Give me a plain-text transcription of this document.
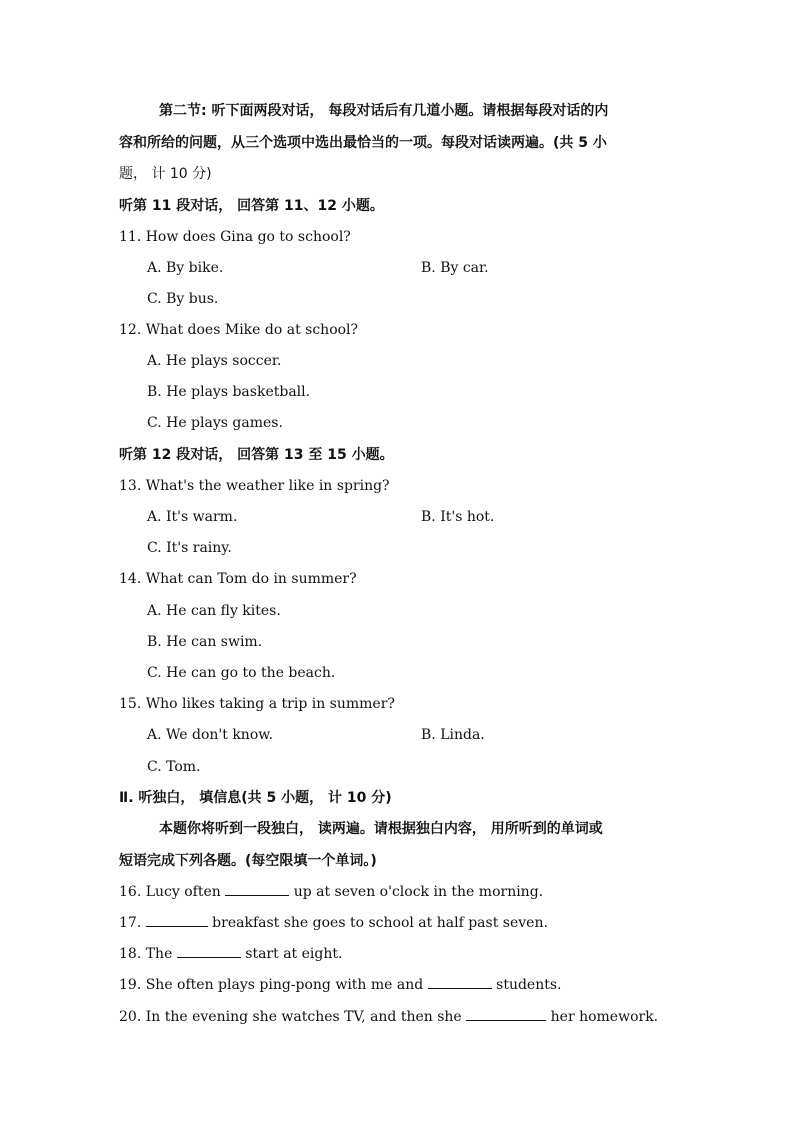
第二节: 听下面两段对话， 每段对话后有几道小题。请根据每段对话的内
容和所给的问题，从三个选项中选出最恰当的一项。每段对话读两遍。(共 5 小
题， 计 10 分)
听第 11 段对话， 回答第 11、12 小题。
11. How does Gina go to school?
A. By bike.	B. By car.
C. By bus.
12. What does Mike do at school?
A. He plays soccer.
B. He plays basketball.
C. He plays games.
听第 12 段对话， 回答第 13 至 15 小题。
13. What's the weather like in spring?
A. It's warm.	B. It's hot.
C. It's rainy.
14. What can Tom do in summer?
A. He can fly kites.
B. He can swim.
C. He can go to the beach.
15. Who likes taking a trip in summer?
A. We don't know.	B. Linda.
C. Tom.
Ⅱ. 听独白， 填信息(共 5 小题， 计 10 分)
本题你将听到一段独白， 读两遍。请根据独白内容， 用所听到的单词或
短语完成下列各题。(每空限填一个单词。)
16. Lucy often	up at seven o'clock in the morning.
17.	breakfast she goes to school at half past seven.
18. The	start at eight.
19. She often plays ping-pong with me and	students.
20. In the evening she watches TV, and then she	her homework.
